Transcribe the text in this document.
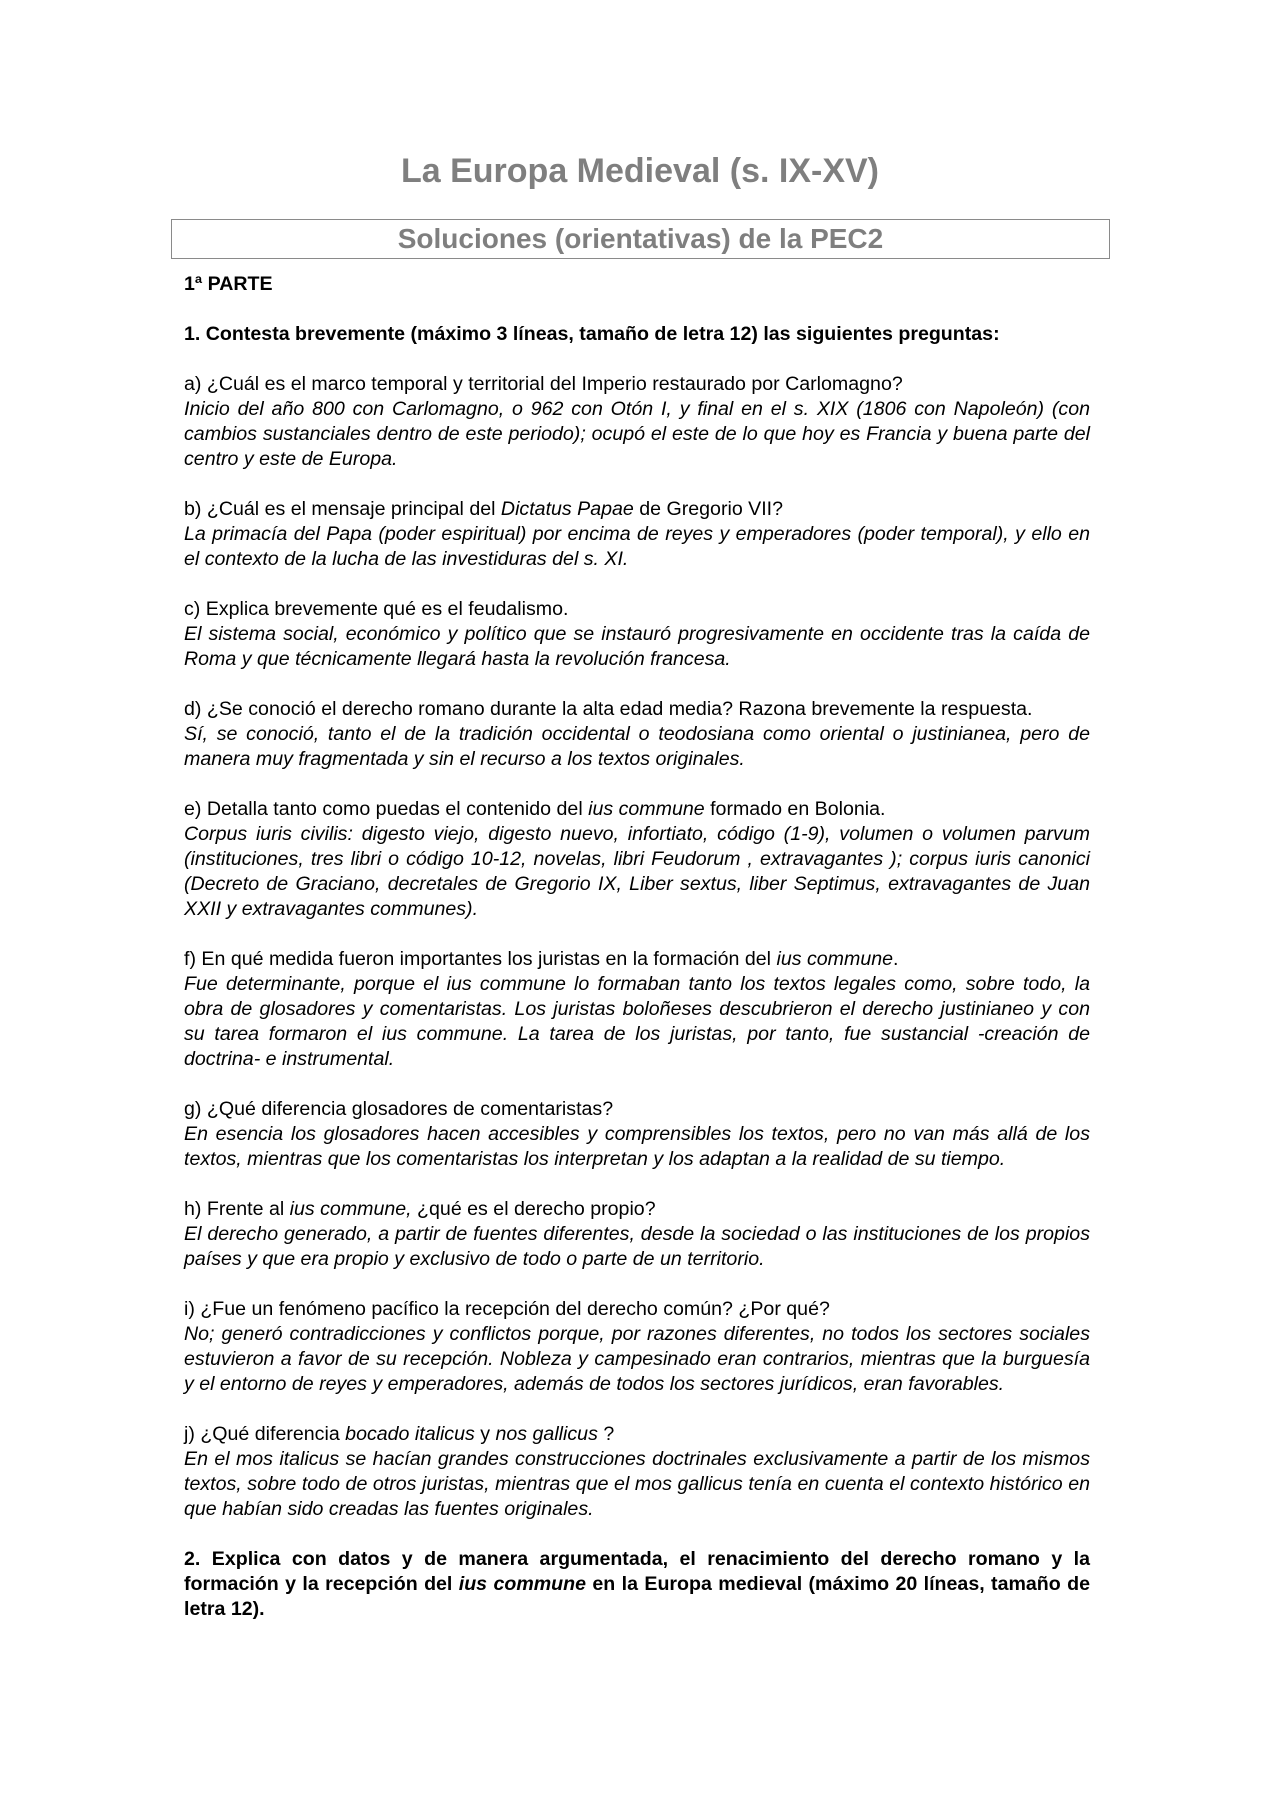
La Europa Medieval (s. IX-XV)
Soluciones (orientativas) de la PEC2

1ª PARTE

1. Contesta brevemente (máximo 3 líneas, tamaño de letra 12) las siguientes preguntas:

a) ¿Cuál es el marco temporal y territorial del Imperio restaurado por Carlomagno?

Inicio del año 800 con Carlomagno, o 962 con Otón I, y final en el s. XIX (1806 con Napoleón) (con cambios sustanciales dentro de este periodo); ocupó el este de lo que hoy es Francia y buena parte del centro y este de Europa.

b) ¿Cuál es el mensaje principal del Dictatus Papae de Gregorio VII?

La primacía del Papa (poder espiritual) por encima de reyes y emperadores (poder temporal), y ello en el contexto de la lucha de las investiduras del s. XI.

c) Explica brevemente qué es el feudalismo.

El sistema social, económico y político que se instauró progresivamente en occidente tras la caída de Roma y que técnicamente llegará hasta la revolución francesa.

d) ¿Se conoció el derecho romano durante la alta edad media? Razona brevemente la respuesta.

Sí, se conoció, tanto el de la tradición occidental o teodosiana como oriental o justinianea, pero de manera muy fragmentada y sin el recurso a los textos originales.

e) Detalla tanto como puedas el contenido del ius commune formado en Bolonia.

Corpus iuris civilis: digesto viejo, digesto nuevo, infortiato, código (1-9), volumen o volumen parvum (instituciones, tres libri o código 10-12, novelas, libri Feudorum , extravagantes ); corpus iuris canonici (Decreto de Graciano, decretales de Gregorio IX, Liber sextus, liber Septimus, extravagantes de Juan XXII y extravagantes communes).

f) En qué medida fueron importantes los juristas en la formación del ius commune.

Fue determinante, porque el ius commune lo formaban tanto los textos legales como, sobre todo, la obra de glosadores y comentaristas. Los juristas boloñeses descubrieron el derecho justinianeo y con su tarea formaron el ius commune. La tarea de los juristas, por tanto, fue sustancial -creación de doctrina- e instrumental.

g) ¿Qué diferencia glosadores de comentaristas?

En esencia los glosadores hacen accesibles y comprensibles los textos, pero no van más allá de los textos, mientras que los comentaristas los interpretan y los adaptan a la realidad de su tiempo.

h) Frente al ius commune, ¿qué es el derecho propio?

El derecho generado, a partir de fuentes diferentes, desde la sociedad o las instituciones de los propios países y que era propio y exclusivo de todo o parte de un territorio.

i) ¿Fue un fenómeno pacífico la recepción del derecho común? ¿Por qué?

No; generó contradicciones y conflictos porque, por razones diferentes, no todos los sectores sociales estuvieron a favor de su recepción. Nobleza y campesinado eran contrarios, mientras que la burguesía y el entorno de reyes y emperadores, además de todos los sectores jurídicos, eran favorables.

j) ¿Qué diferencia bocado italicus y nos gallicus ?

En el mos italicus se hacían grandes construcciones doctrinales exclusivamente a partir de los mismos textos, sobre todo de otros juristas, mientras que el mos gallicus tenía en cuenta el contexto histórico en que habían sido creadas las fuentes originales.

2. Explica con datos y de manera argumentada, el renacimiento del derecho romano y la formación y la recepción del ius commune en la Europa medieval (máximo 20 líneas, tamaño de letra 12).
